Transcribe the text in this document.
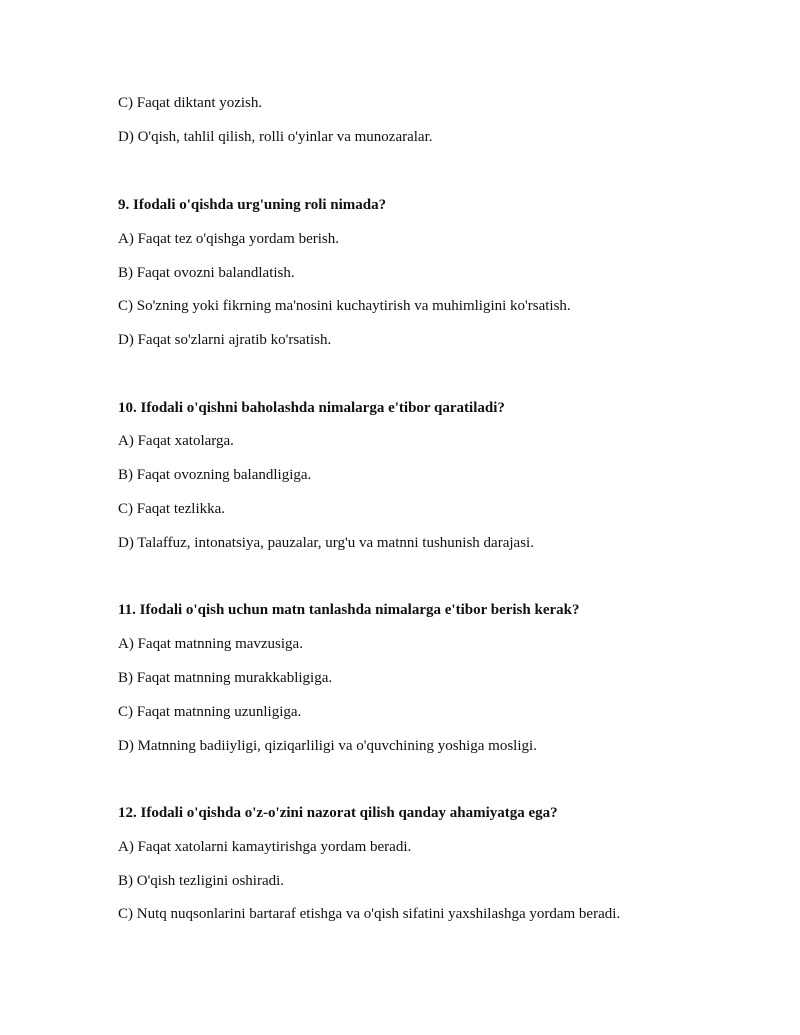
C) Faqat diktant yozish.
D) O'qish, tahlil qilish, rolli o'yinlar va munozaralar.
9. Ifodali o'qishda urg'uning roli nimada?
A) Faqat tez o'qishga yordam berish.
B) Faqat ovozni balandlatish.
C) So'zning yoki fikrning ma'nosini kuchaytirish va muhimligini ko'rsatish.
D) Faqat so'zlarni ajratib ko'rsatish.
10. Ifodali o'qishni baholashda nimalarga e'tibor qaratiladi?
A) Faqat xatolarga.
B) Faqat ovozning balandligiga.
C) Faqat tezlikka.
D) Talaffuz, intonatsiya, pauzalar, urg'u va matnni tushunish darajasi.
11. Ifodali o'qish uchun matn tanlashda nimalarga e'tibor berish kerak?
A) Faqat matnning mavzusiga.
B) Faqat matnning murakkabligiga.
C) Faqat matnning uzunligiga.
D) Matnning badiiyligi, qiziqarliligi va o'quvchining yoshiga mosligi.
12. Ifodali o'qishda o'z-o'zini nazorat qilish qanday ahamiyatga ega?
A) Faqat xatolarni kamaytirishga yordam beradi.
B) O'qish tezligini oshiradi.
C) Nutq nuqsonlarini bartaraf etishga va o'qish sifatini yaxshilashga yordam beradi.
